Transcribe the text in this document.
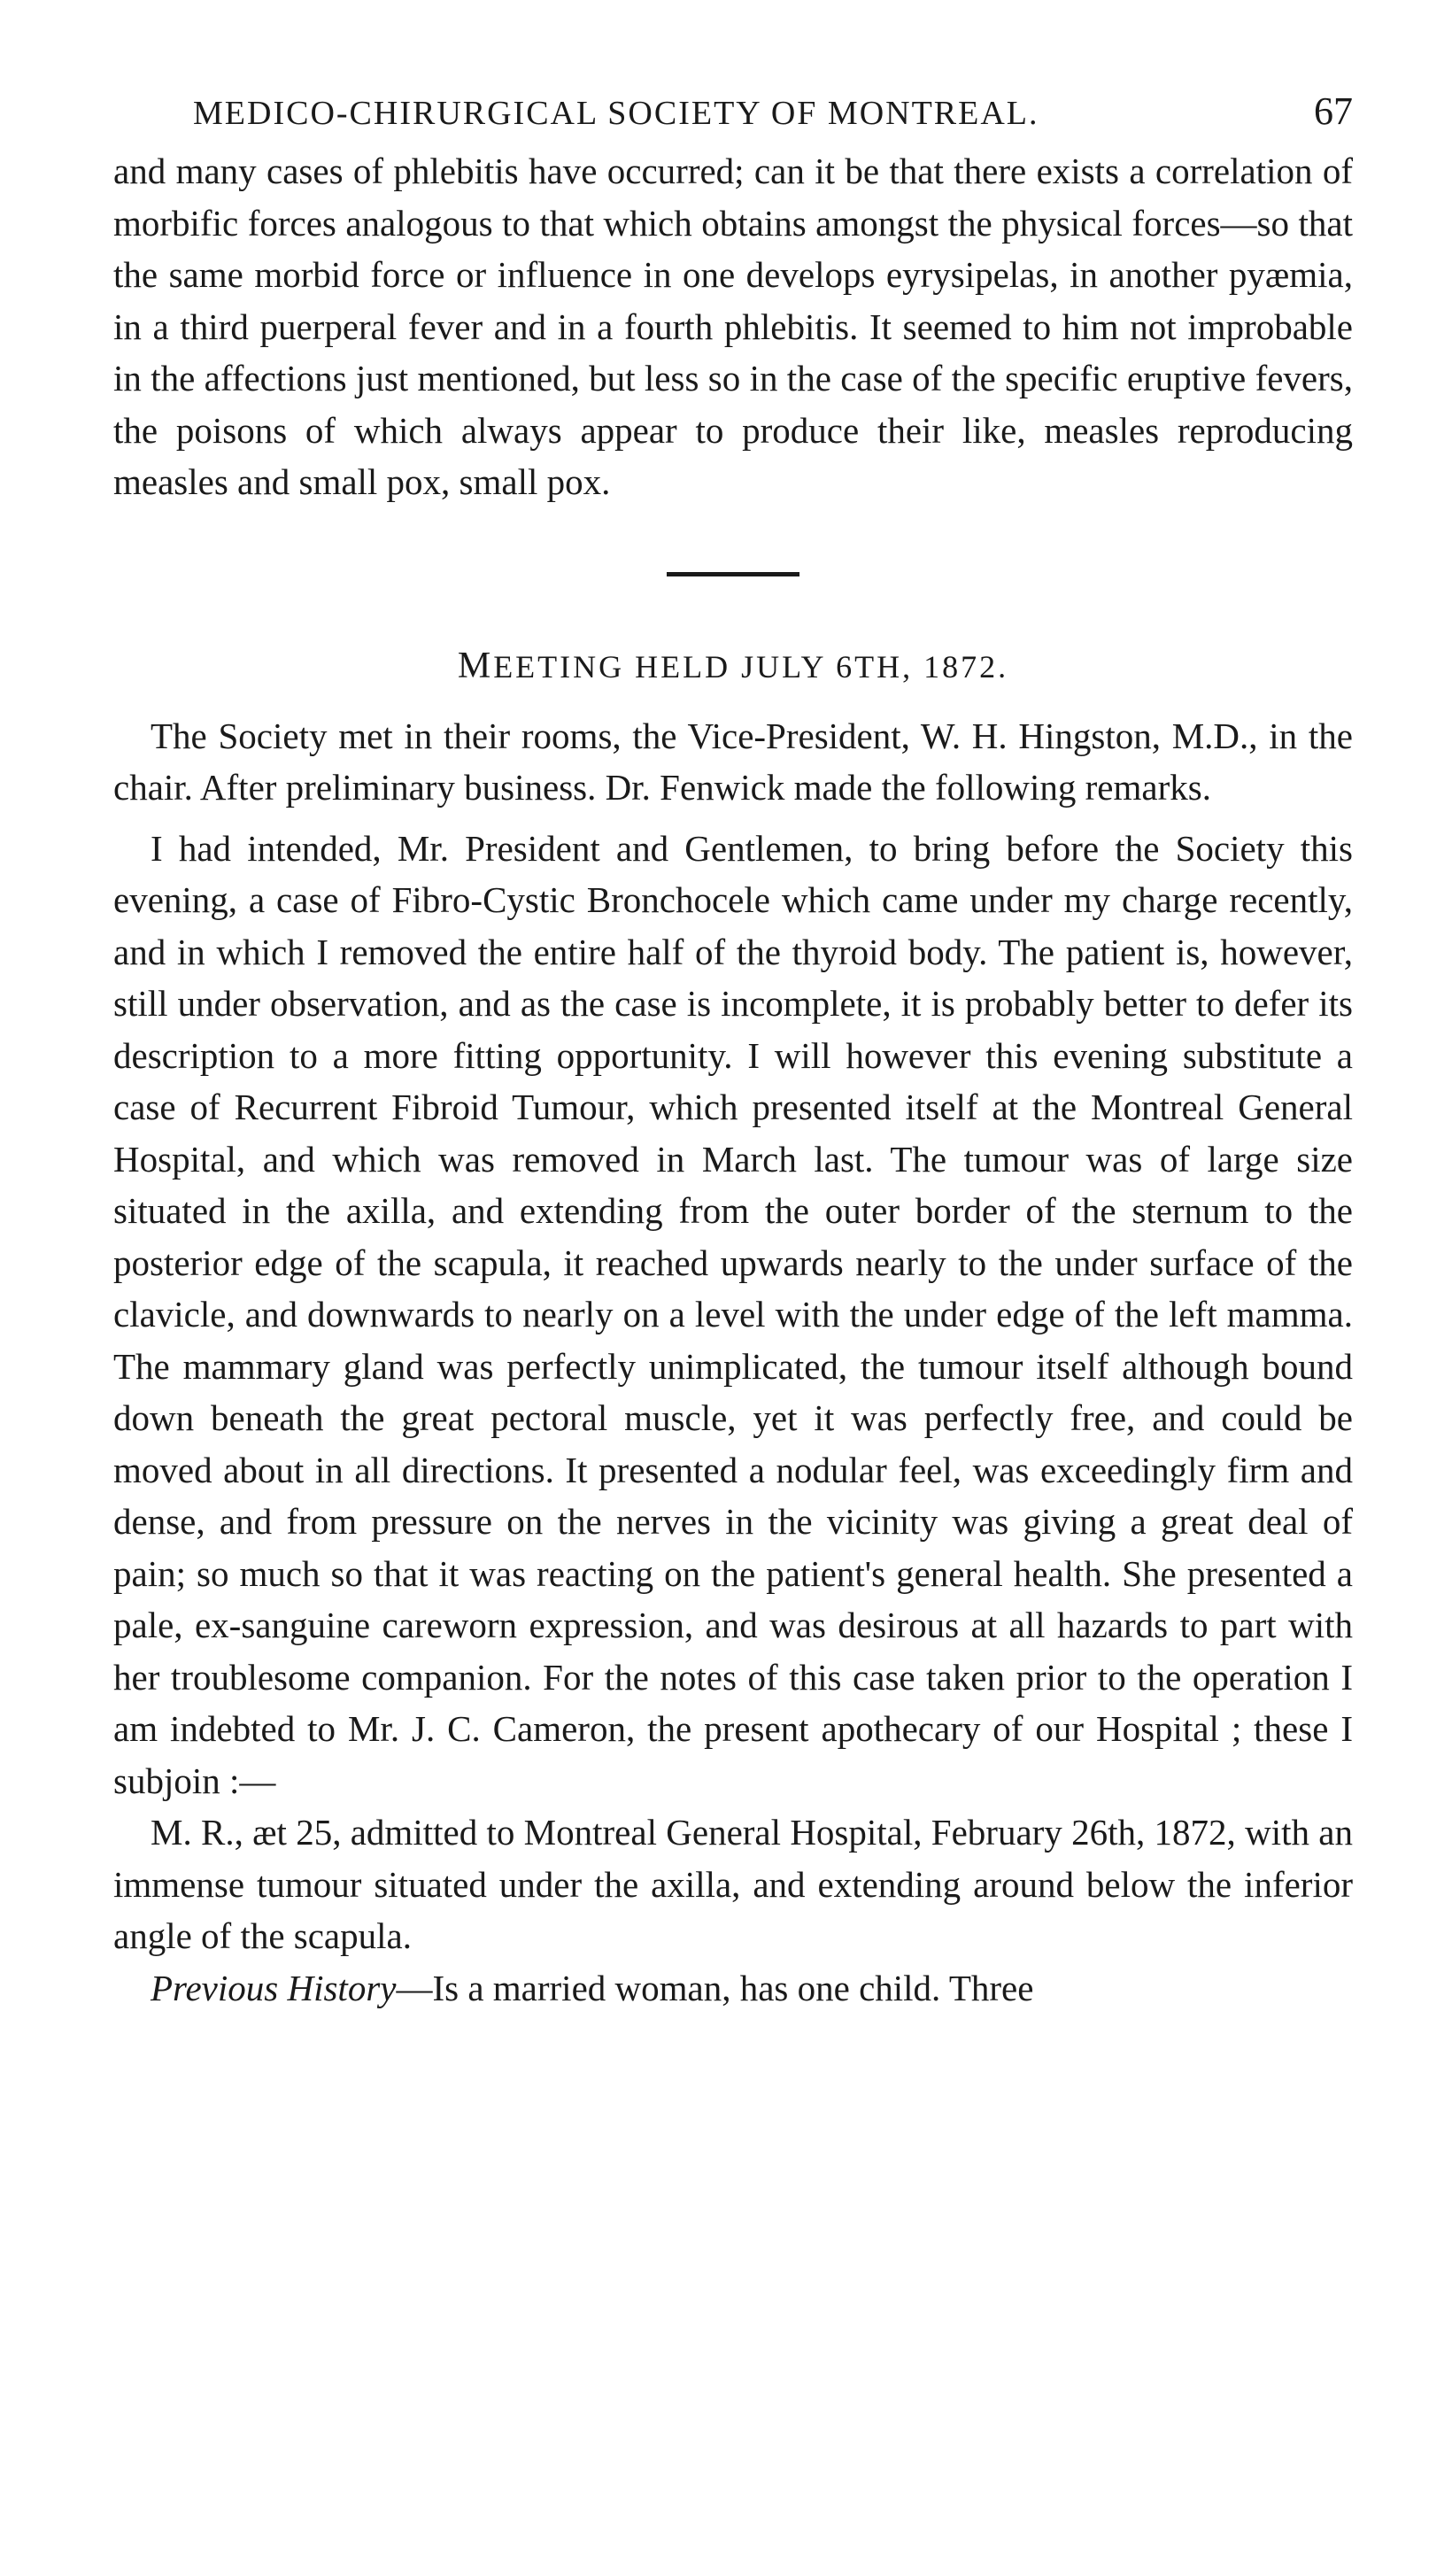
MEDICO-CHIRURGICAL SOCIETY OF MONTREAL.	67

and many cases of phlebitis have occurred; can it be that there exists a correlation of morbific forces analogous to that which obtains amongst the physical forces—so that the same morbid force or influence in one develops eyrysipelas, in another pyæmia, in a third puerperal fever and in a fourth phlebitis. It seemed to him not improbable in the affections just mentioned, but less so in the case of the specific eruptive fevers, the poisons of which always appear to produce their like, measles reproducing measles and small pox, small pox.

MEETING HELD JULY 6TH, 1872.

The Society met in their rooms, the Vice-President, W. H. Hingston, M.D., in the chair. After preliminary business. Dr. Fenwick made the following remarks.

I had intended, Mr. President and Gentlemen, to bring before the Society this evening, a case of Fibro-Cystic Bronchocele which came under my charge recently, and in which I removed the entire half of the thyroid body. The patient is, however, still under observation, and as the case is incomplete, it is probably better to defer its description to a more fitting opportunity. I will however this evening substitute a case of Recurrent Fibroid Tumour, which presented itself at the Montreal General Hospital, and which was removed in March last. The tumour was of large size situated in the axilla, and extending from the outer border of the sternum to the posterior edge of the scapula, it reached upwards nearly to the under surface of the clavicle, and downwards to nearly on a level with the under edge of the left mamma. The mammary gland was perfectly unimplicated, the tumour itself although bound down beneath the great pectoral muscle, yet it was perfectly free, and could be moved about in all directions. It presented a nodular feel, was exceedingly firm and dense, and from pressure on the nerves in the vicinity was giving a great deal of pain; so much so that it was reacting on the patient's general health. She presented a pale, ex-sanguine careworn expression, and was desirous at all hazards to part with her troublesome companion. For the notes of this case taken prior to the operation I am indebted to Mr. J. C. Cameron, the present apothecary of our Hospital ; these I subjoin :—

M. R., æt 25, admitted to Montreal General Hospital, February 26th, 1872, with an immense tumour situated under the axilla, and extending around below the inferior angle of the scapula.

Previous History—Is a married woman, has one child. Three
